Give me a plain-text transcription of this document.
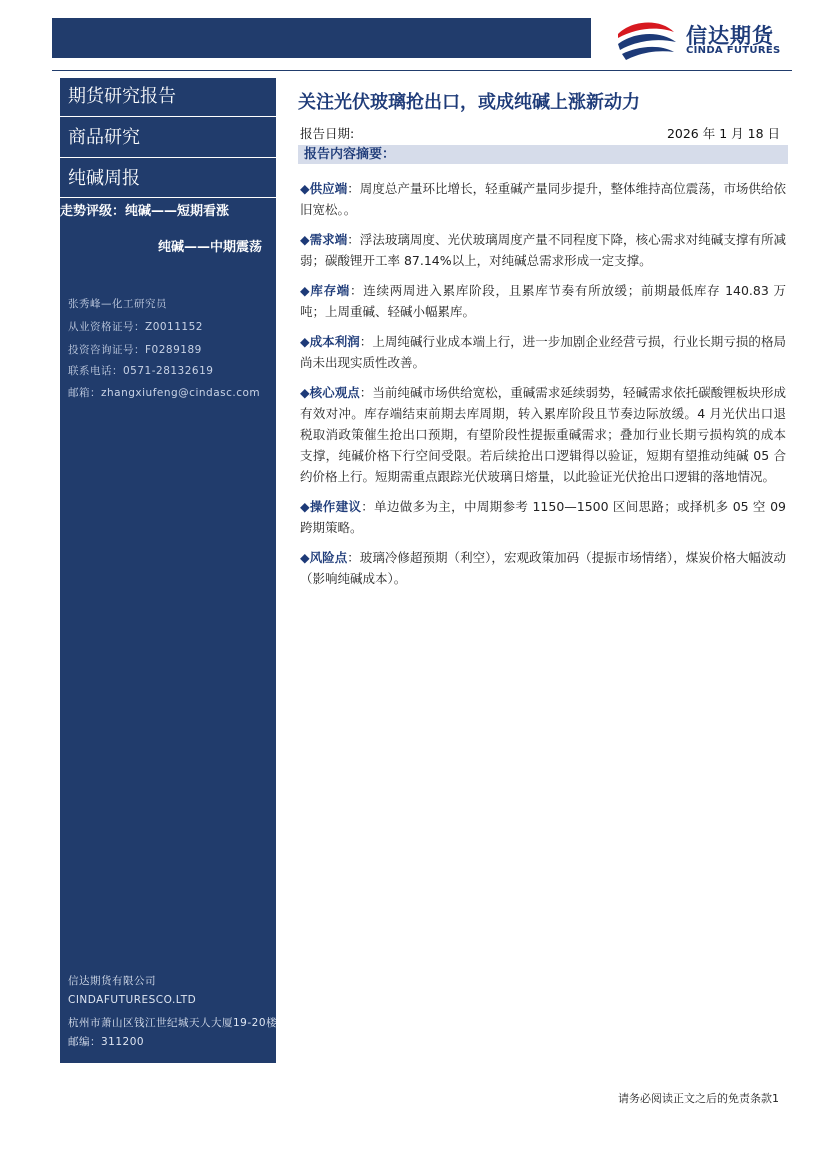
信达期货
CINDA FUTURES
期货研究报告
商品研究
纯碱周报
走势评级：纯碱——短期看涨
纯碱——中期震荡
张秀峰—化工研究员
从业资格证号：Z0011152
投资咨询证号：F0289189
联系电话：0571-28132619
邮箱：zhangxiufeng@cindasc.com
信达期货有限公司
CINDAFUTURESCO.LTD
杭州市萧山区钱江世纪城天人大厦19-20楼
邮编：311200
关注光伏玻璃抢出口，或成纯碱上涨新动力
报告日期:	2026 年 1 月 18 日
报告内容摘要：

◆供应端：周度总产量环比增长，轻重碱产量同步提升，整体维持高位震荡，市场供给依旧宽松。。

◆需求端：浮法玻璃周度、光伏玻璃周度产量不同程度下降，核心需求对纯碱支撑有所减弱；碳酸锂开工率 87.14%以上，对纯碱总需求形成一定支撑。

◆库存端：连续两周进入累库阶段，且累库节奏有所放缓；前期最低库存 140.83 万吨；上周重碱、轻碱小幅累库。

◆成本利润：上周纯碱行业成本端上行，进一步加剧企业经营亏损，行业长期亏损的格局尚未出现实质性改善。

◆核心观点：当前纯碱市场供给宽松，重碱需求延续弱势，轻碱需求依托碳酸锂板块形成有效对冲。库存端结束前期去库周期，转入累库阶段且节奏边际放缓。4 月光伏出口退税取消政策催生抢出口预期，有望阶段性提振重碱需求；叠加行业长期亏损构筑的成本支撑，纯碱价格下行空间受限。若后续抢出口逻辑得以验证，短期有望推动纯碱 05 合约价格上行。短期需重点跟踪光伏玻璃日熔量，以此验证光伏抢出口逻辑的落地情况。

◆操作建议：单边做多为主，中周期参考 1150—1500 区间思路；或择机多 05 空 09 跨期策略。

◆风险点：玻璃冷修超预期（利空），宏观政策加码（提振市场情绪），煤炭价格大幅波动（影响纯碱成本）。

请务必阅读正文之后的免责条款1
